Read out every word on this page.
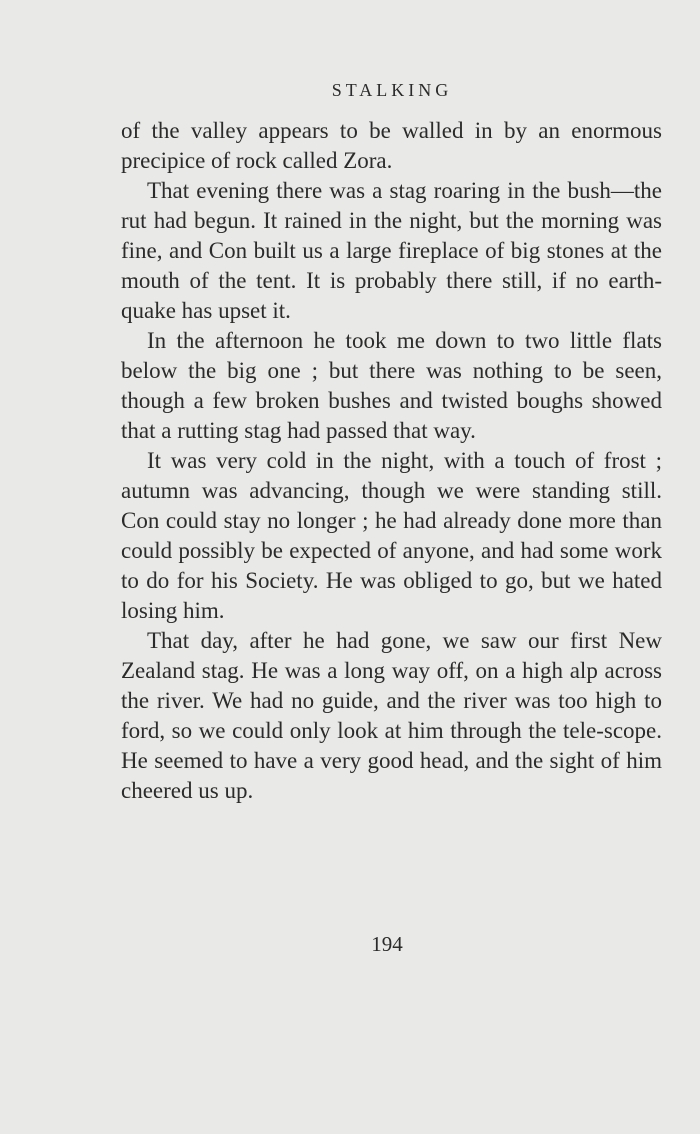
STALKING

of the valley appears to be walled in by an enormous precipice of rock called Zora.

That evening there was a stag roaring in the bush—the rut had begun. It rained in the night, but the morning was fine, and Con built us a large fireplace of big stones at the mouth of the tent. It is probably there still, if no earth-quake has upset it.

In the afternoon he took me down to two little flats below the big one ; but there was nothing to be seen, though a few broken bushes and twisted boughs showed that a rutting stag had passed that way.

It was very cold in the night, with a touch of frost ; autumn was advancing, though we were standing still. Con could stay no longer ; he had already done more than could possibly be expected of anyone, and had some work to do for his Society. He was obliged to go, but we hated losing him.

That day, after he had gone, we saw our first New Zealand stag. He was a long way off, on a high alp across the river. We had no guide, and the river was too high to ford, so we could only look at him through the tele-scope. He seemed to have a very good head, and the sight of him cheered us up.

194
